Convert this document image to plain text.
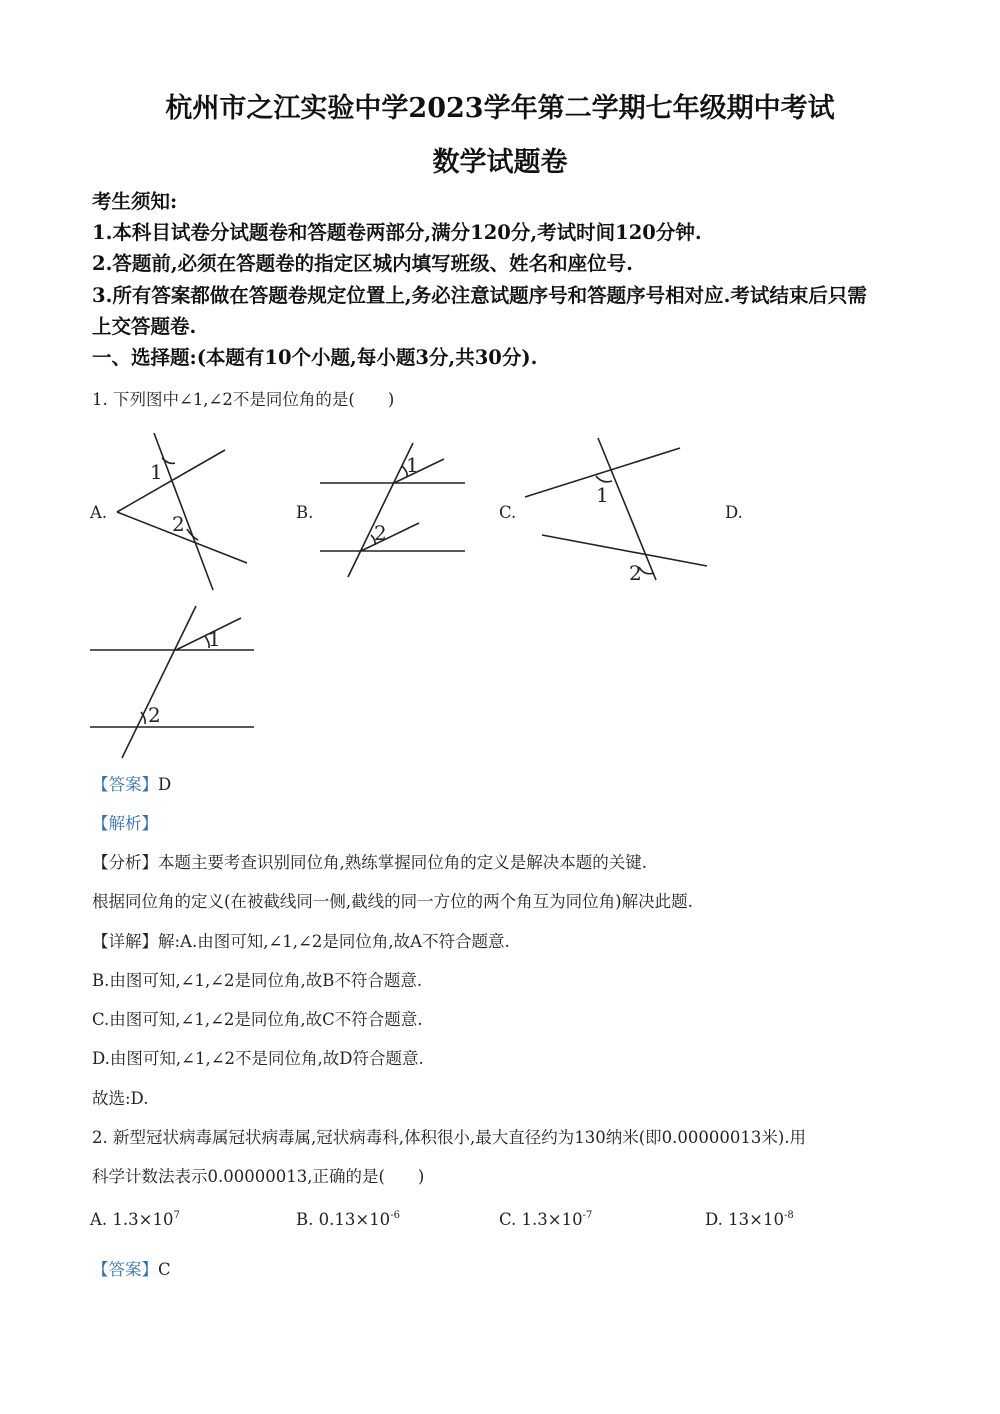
杭州市之江实验中学2023学年第二学期七年级期中考试
数学试题卷
考生须知:
1.本科目试卷分试题卷和答题卷两部分,满分120分,考试时间120分钟.
2.答题前,必须在答题卷的指定区城内填写班级、姓名和座位号.
3.所有答案都做在答题卷规定位置上,务必注意试题序号和答题序号相对应.考试结束后只需
上交答题卷.
一、选择题:(本题有10个小题,每小题3分,共30分).
1. 下列图中∠1,∠2不是同位角的是(　　)
A.
1
2	B.
1
2
C.
1
2
D.
1
2
【答案】D
【解析】
【分析】本题主要考查识别同位角,熟练掌握同位角的定义是解决本题的关键.
根据同位角的定义(在被截线同一侧,截线的同一方位的两个角互为同位角)解决此题.
【详解】解:A.由图可知,∠1,∠2是同位角,故A不符合题意.
B.由图可知,∠1,∠2是同位角,故B不符合题意.
C.由图可知,∠1,∠2是同位角,故C不符合题意.
D.由图可知,∠1,∠2不是同位角,故D符合题意.
故选:D.
2. 新型冠状病毒属冠状病毒属,冠状病毒科,体积很小,最大直径约为130纳米(即0.00000013米).用
科学计数法表示0.00000013,正确的是(　　)
A. $1.3\times 10^7$	B. $0.13\times 10^{-6}$	C. $1.3\times 10^{-7}$	D. $13\times 10^{-8}$
【答案】C
